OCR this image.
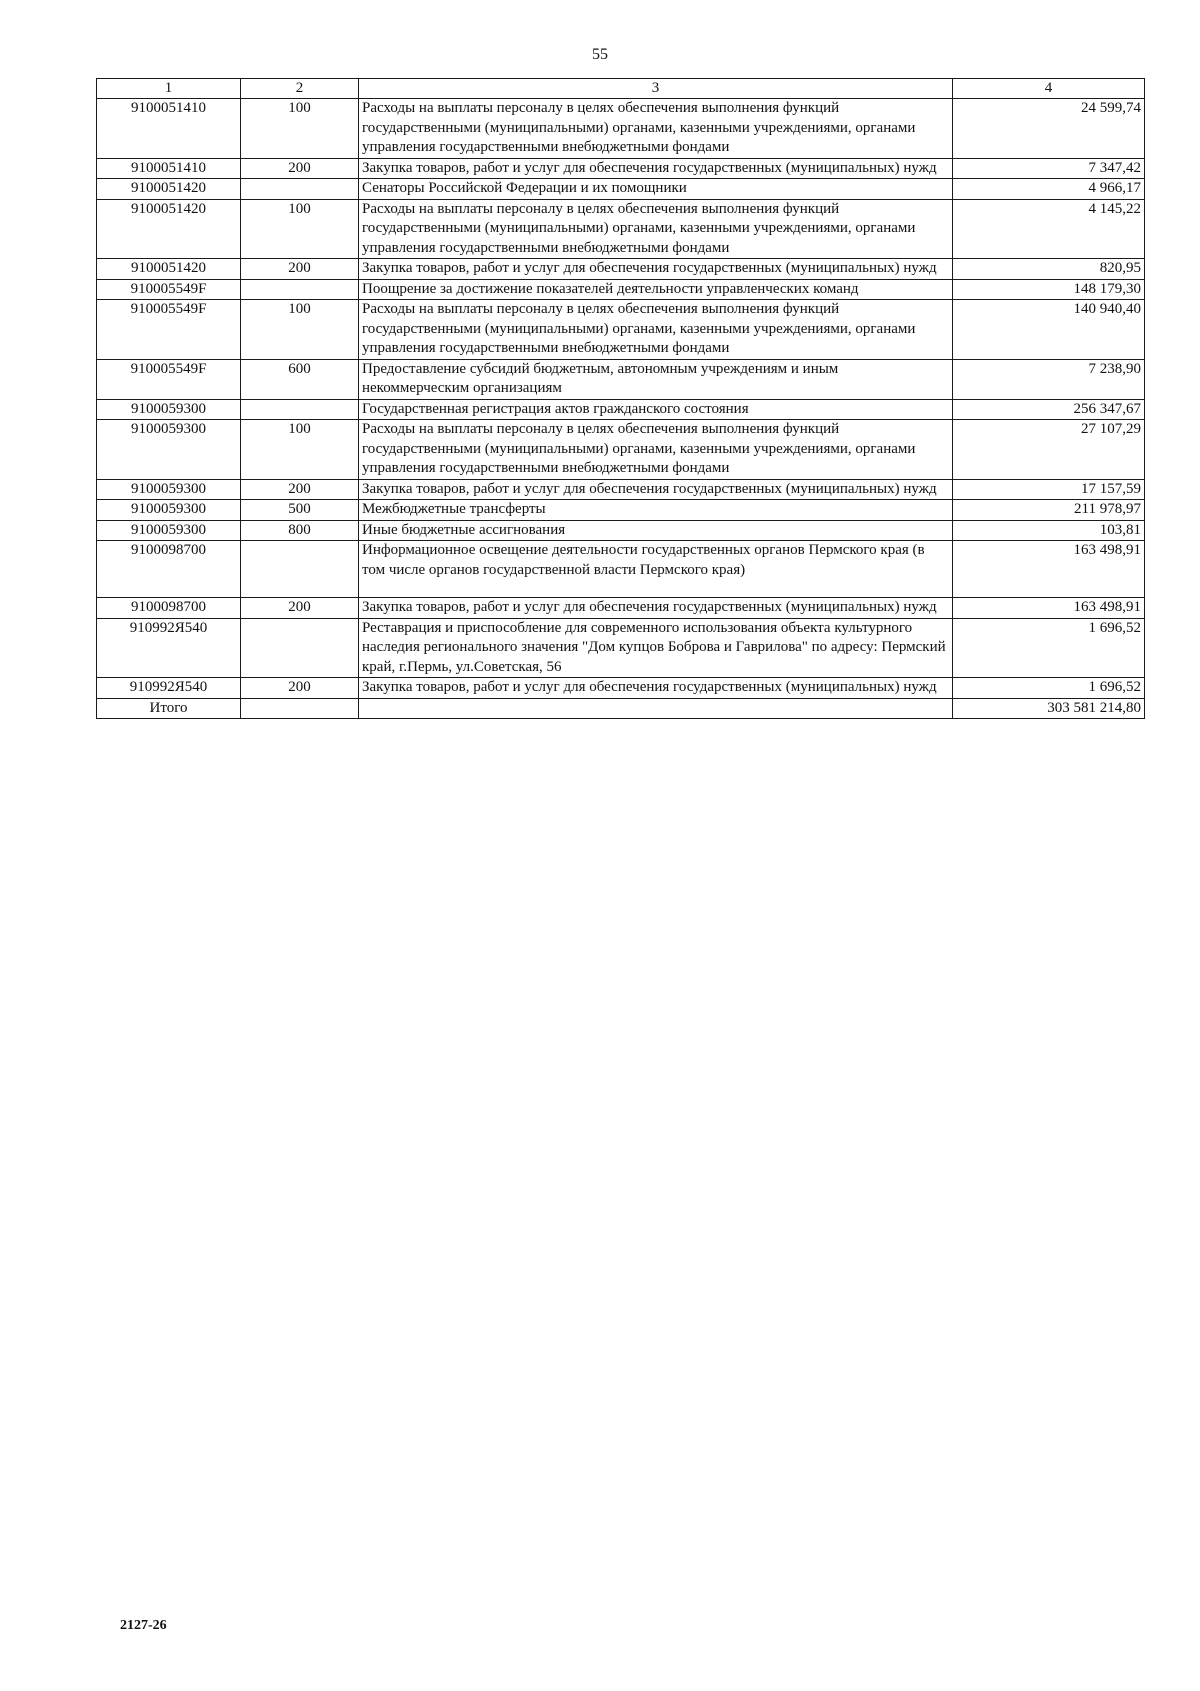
55
1	2	3	4
9100051410	100	Расходы на выплаты персоналу в целях обеспечения выполнения функций государственными (муниципальными) органами, казенными учреждениями, органами управления государственными внебюджетными фондами	24 599,74
9100051410	200	Закупка товаров, работ и услуг для обеспечения государственных (муниципальных) нужд	7 347,42
9100051420		Сенаторы Российской Федерации и их помощники	4 966,17
9100051420	100	Расходы на выплаты персоналу в целях обеспечения выполнения функций государственными (муниципальными) органами, казенными учреждениями, органами управления государственными внебюджетными фондами	4 145,22
9100051420	200	Закупка товаров, работ и услуг для обеспечения государственных (муниципальных) нужд	820,95
910005549F		Поощрение за достижение показателей деятельности управленческих команд	148 179,30
910005549F	100	Расходы на выплаты персоналу в целях обеспечения выполнения функций государственными (муниципальными) органами, казенными учреждениями, органами управления государственными внебюджетными фондами	140 940,40
910005549F	600	Предоставление субсидий бюджетным, автономным учреждениям и иным некоммерческим организациям	7 238,90
9100059300		Государственная регистрация актов гражданского состояния	256 347,67
9100059300	100	Расходы на выплаты персоналу в целях обеспечения выполнения функций государственными (муниципальными) органами, казенными учреждениями, органами управления государственными внебюджетными фондами	27 107,29
9100059300	200	Закупка товаров, работ и услуг для обеспечения государственных (муниципальных) нужд	17 157,59
9100059300	500	Межбюджетные трансферты	211 978,97
9100059300	800	Иные бюджетные ассигнования	103,81
9100098700		Информационное освещение деятельности государственных органов Пермского края (в том числе органов государственной власти Пермского края)	163 498,91
9100098700	200	Закупка товаров, работ и услуг для обеспечения государственных (муниципальных) нужд	163 498,91
910992Я540		Реставрация и приспособление для современного использования объекта культурного наследия регионального значения "Дом купцов Боброва и Гаврилова" по адресу: Пермский край, г.Пермь, ул.Советская, 56	1 696,52
910992Я540	200	Закупка товаров, работ и услуг для обеспечения государственных (муниципальных) нужд	1 696,52
Итого			303 581 214,80
2127-26
